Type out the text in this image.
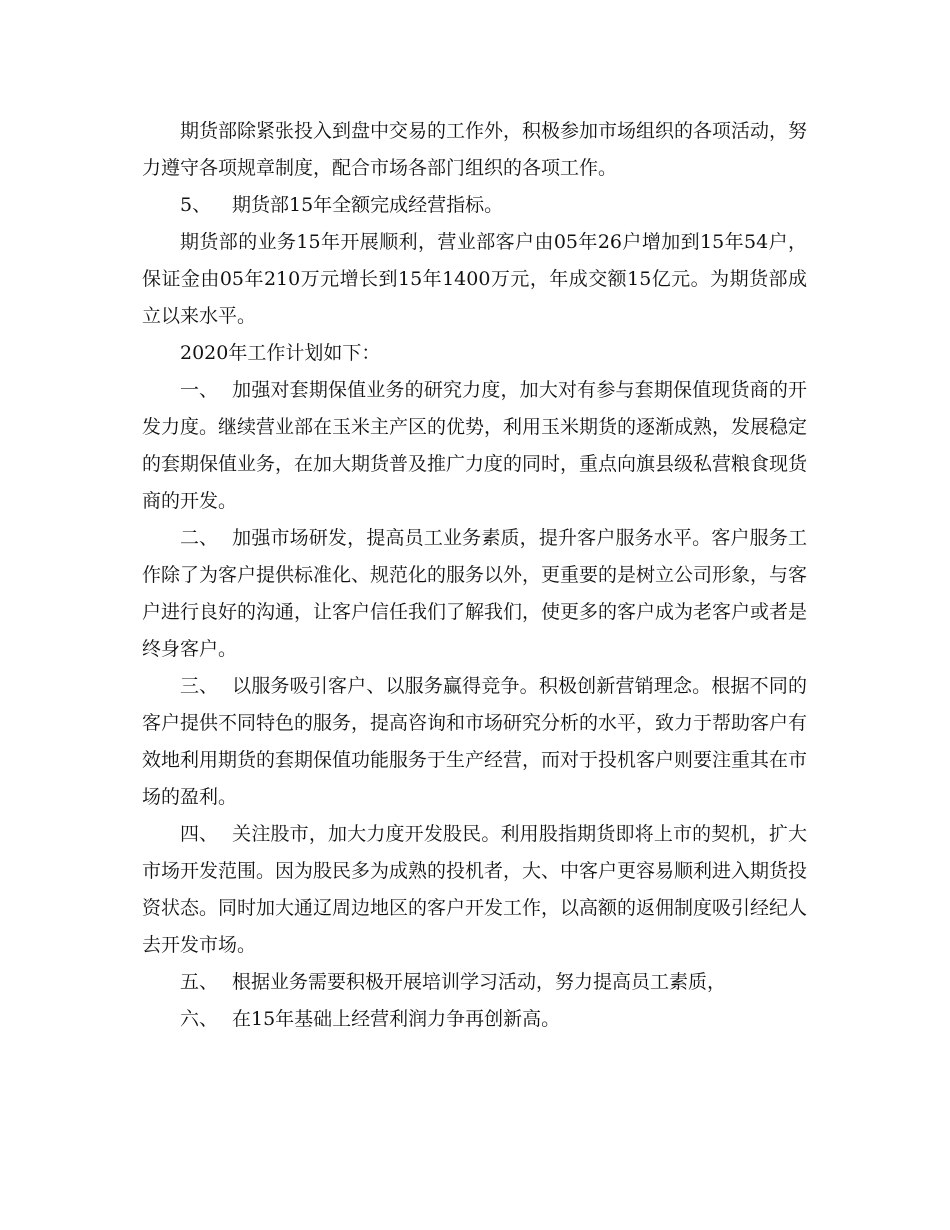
期货部除紧张投入到盘中交易的工作外，积极参加市场组织的各项活动，努力遵守各项规章制度，配合市场各部门组织的各项工作。

5、 期货部15年全额完成经营指标。

期货部的业务15年开展顺利，营业部客户由05年26户增加到15年54户，保证金由05年210万元增长到15年1400万元，年成交额15亿元。为期货部成立以来水平。

2020年工作计划如下：

一、 加强对套期保值业务的研究力度，加大对有参与套期保值现货商的开发力度。继续营业部在玉米主产区的优势，利用玉米期货的逐渐成熟，发展稳定的套期保值业务，在加大期货普及推广力度的同时，重点向旗县级私营粮食现货商的开发。

二、 加强市场研发，提高员工业务素质，提升客户服务水平。客户服务工作除了为客户提供标准化、规范化的服务以外，更重要的是树立公司形象，与客户进行良好的沟通，让客户信任我们了解我们，使更多的客户成为老客户或者是终身客户。

三、 以服务吸引客户、以服务赢得竞争。积极创新营销理念。根据不同的客户提供不同特色的服务，提高咨询和市场研究分析的水平，致力于帮助客户有效地利用期货的套期保值功能服务于生产经营，而对于投机客户则要注重其在市场的盈利。

四、 关注股市，加大力度开发股民。利用股指期货即将上市的契机，扩大市场开发范围。因为股民多为成熟的投机者，大、中客户更容易顺利进入期货投资状态。同时加大通辽周边地区的客户开发工作，以高额的返佣制度吸引经纪人去开发市场。

五、 根据业务需要积极开展培训学习活动，努力提高员工素质，

六、 在15年基础上经营利润力争再创新高。
